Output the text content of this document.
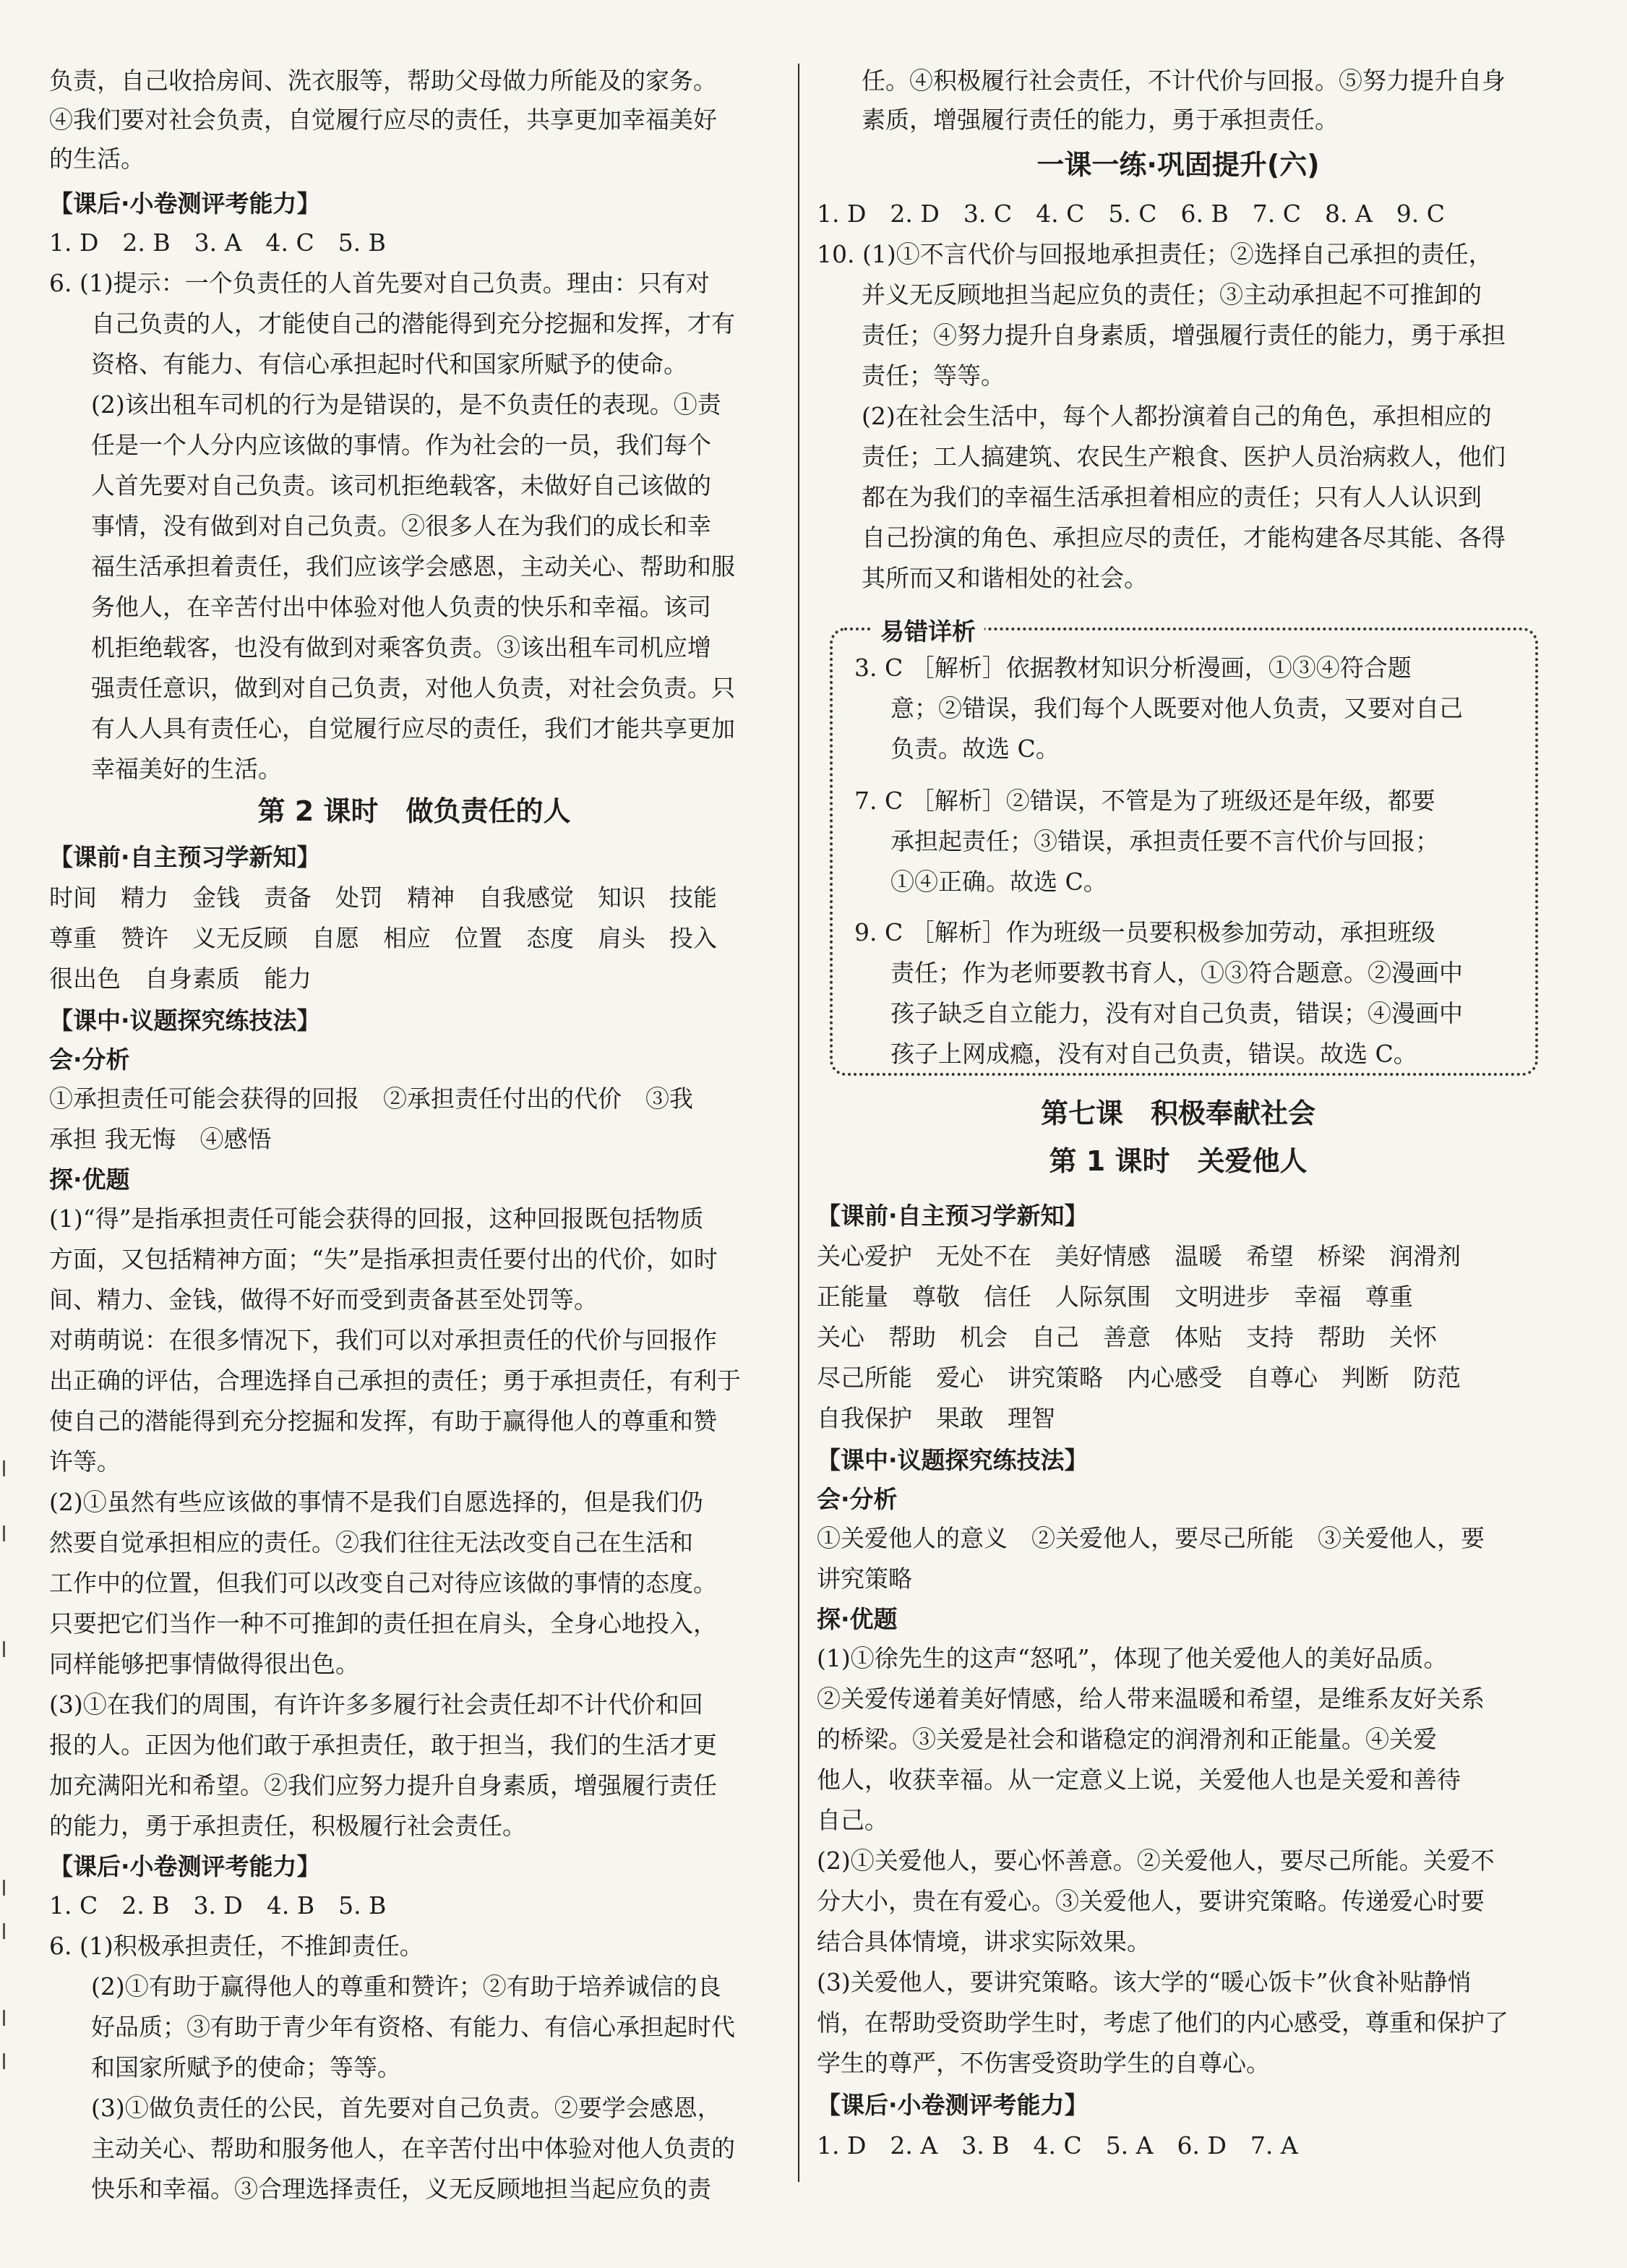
负责，自己收拾房间、洗衣服等，帮助父母做力所能及的家务。
④我们要对社会负责，自觉履行应尽的责任，共享更加幸福美好
的生活。
【课后·小卷测评考能力】
1. D　2. B　3. A　4. C　5. B
6. (1)提示：一个负责任的人首先要对自己负责。理由：只有对
自己负责的人，才能使自己的潜能得到充分挖掘和发挥，才有
资格、有能力、有信心承担起时代和国家所赋予的使命。
(2)该出租车司机的行为是错误的，是不负责任的表现。①责
任是一个人分内应该做的事情。作为社会的一员，我们每个
人首先要对自己负责。该司机拒绝载客，未做好自己该做的
事情，没有做到对自己负责。②很多人在为我们的成长和幸
福生活承担着责任，我们应该学会感恩，主动关心、帮助和服
务他人，在辛苦付出中体验对他人负责的快乐和幸福。该司
机拒绝载客，也没有做到对乘客负责。③该出租车司机应增
强责任意识，做到对自己负责，对他人负责，对社会负责。只
有人人具有责任心，自觉履行应尽的责任，我们才能共享更加
幸福美好的生活。
第 2 课时　做负责任的人
【课前·自主预习学新知】
时间　精力　金钱　责备　处罚　精神　自我感觉　知识　技能
尊重　赞许　义无反顾　自愿　相应　位置　态度　肩头　投入
很出色　自身素质　能力
【课中·议题探究练技法】
会·分析
①承担责任可能会获得的回报　②承担责任付出的代价　③我
承担 我无悔　④感悟
探·优题
(1)“得”是指承担责任可能会获得的回报，这种回报既包括物质
方面，又包括精神方面；“失”是指承担责任要付出的代价，如时
间、精力、金钱，做得不好而受到责备甚至处罚等。
对萌萌说：在很多情况下，我们可以对承担责任的代价与回报作
出正确的评估，合理选择自己承担的责任；勇于承担责任，有利于
使自己的潜能得到充分挖掘和发挥，有助于赢得他人的尊重和赞
许等。
(2)①虽然有些应该做的事情不是我们自愿选择的，但是我们仍
然要自觉承担相应的责任。②我们往往无法改变自己在生活和
工作中的位置，但我们可以改变自己对待应该做的事情的态度。
只要把它们当作一种不可推卸的责任担在肩头，全身心地投入，
同样能够把事情做得很出色。
(3)①在我们的周围，有许许多多履行社会责任却不计代价和回
报的人。正因为他们敢于承担责任，敢于担当，我们的生活才更
加充满阳光和希望。②我们应努力提升自身素质，增强履行责任
的能力，勇于承担责任，积极履行社会责任。
【课后·小卷测评考能力】
1. C　2. B　3. D　4. B　5. B
6. (1)积极承担责任，不推卸责任。
(2)①有助于赢得他人的尊重和赞许；②有助于培养诚信的良
好品质；③有助于青少年有资格、有能力、有信心承担起时代
和国家所赋予的使命；等等。
(3)①做负责任的公民，首先要对自己负责。②要学会感恩，
主动关心、帮助和服务他人，在辛苦付出中体验对他人负责的
快乐和幸福。③合理选择责任，义无反顾地担当起应负的责
任。④积极履行社会责任，不计代价与回报。⑤努力提升自身
素质，增强履行责任的能力，勇于承担责任。
一课一练·巩固提升(六)
1. D　2. D　3. C　4. C　5. C　6. B　7. C　8. A　9. C
10. (1)①不言代价与回报地承担责任；②选择自己承担的责任，
并义无反顾地担当起应负的责任；③主动承担起不可推卸的
责任；④努力提升自身素质，增强履行责任的能力，勇于承担
责任；等等。
(2)在社会生活中，每个人都扮演着自己的角色，承担相应的
责任；工人搞建筑、农民生产粮食、医护人员治病救人，他们
都在为我们的幸福生活承担着相应的责任；只有人人认识到
自己扮演的角色、承担应尽的责任，才能构建各尽其能、各得
其所而又和谐相处的社会。
易错详析
3. C ［解析］依据教材知识分析漫画，①③④符合题
意；②错误，我们每个人既要对他人负责，又要对自己
负责。故选 C。
7. C ［解析］②错误，不管是为了班级还是年级，都要
承担起责任；③错误，承担责任要不言代价与回报；
①④正确。故选 C。
9. C ［解析］作为班级一员要积极参加劳动，承担班级
责任；作为老师要教书育人，①③符合题意。②漫画中
孩子缺乏自立能力，没有对自己负责，错误；④漫画中
孩子上网成瘾，没有对自己负责，错误。故选 C。
第七课　积极奉献社会
第 1 课时　关爱他人
【课前·自主预习学新知】
关心爱护　无处不在　美好情感　温暖　希望　桥梁　润滑剂
正能量　尊敬　信任　人际氛围　文明进步　幸福　尊重
关心　帮助　机会　自己　善意　体贴　支持　帮助　关怀
尽己所能　爱心　讲究策略　内心感受　自尊心　判断　防范
自我保护　果敢　理智
【课中·议题探究练技法】
会·分析
①关爱他人的意义　②关爱他人，要尽己所能　③关爱他人，要
讲究策略
探·优题
(1)①徐先生的这声“怒吼”，体现了他关爱他人的美好品质。
②关爱传递着美好情感，给人带来温暖和希望，是维系友好关系
的桥梁。③关爱是社会和谐稳定的润滑剂和正能量。④关爱
他人，收获幸福。从一定意义上说，关爱他人也是关爱和善待
自己。
(2)①关爱他人，要心怀善意。②关爱他人，要尽己所能。关爱不
分大小，贵在有爱心。③关爱他人，要讲究策略。传递爱心时要
结合具体情境，讲求实际效果。
(3)关爱他人，要讲究策略。该大学的“暖心饭卡”伙食补贴静悄
悄，在帮助受资助学生时，考虑了他们的内心感受，尊重和保护了
学生的尊严，不伤害受资助学生的自尊心。
【课后·小卷测评考能力】
1. D　2. A　3. B　4. C　5. A　6. D　7. A
